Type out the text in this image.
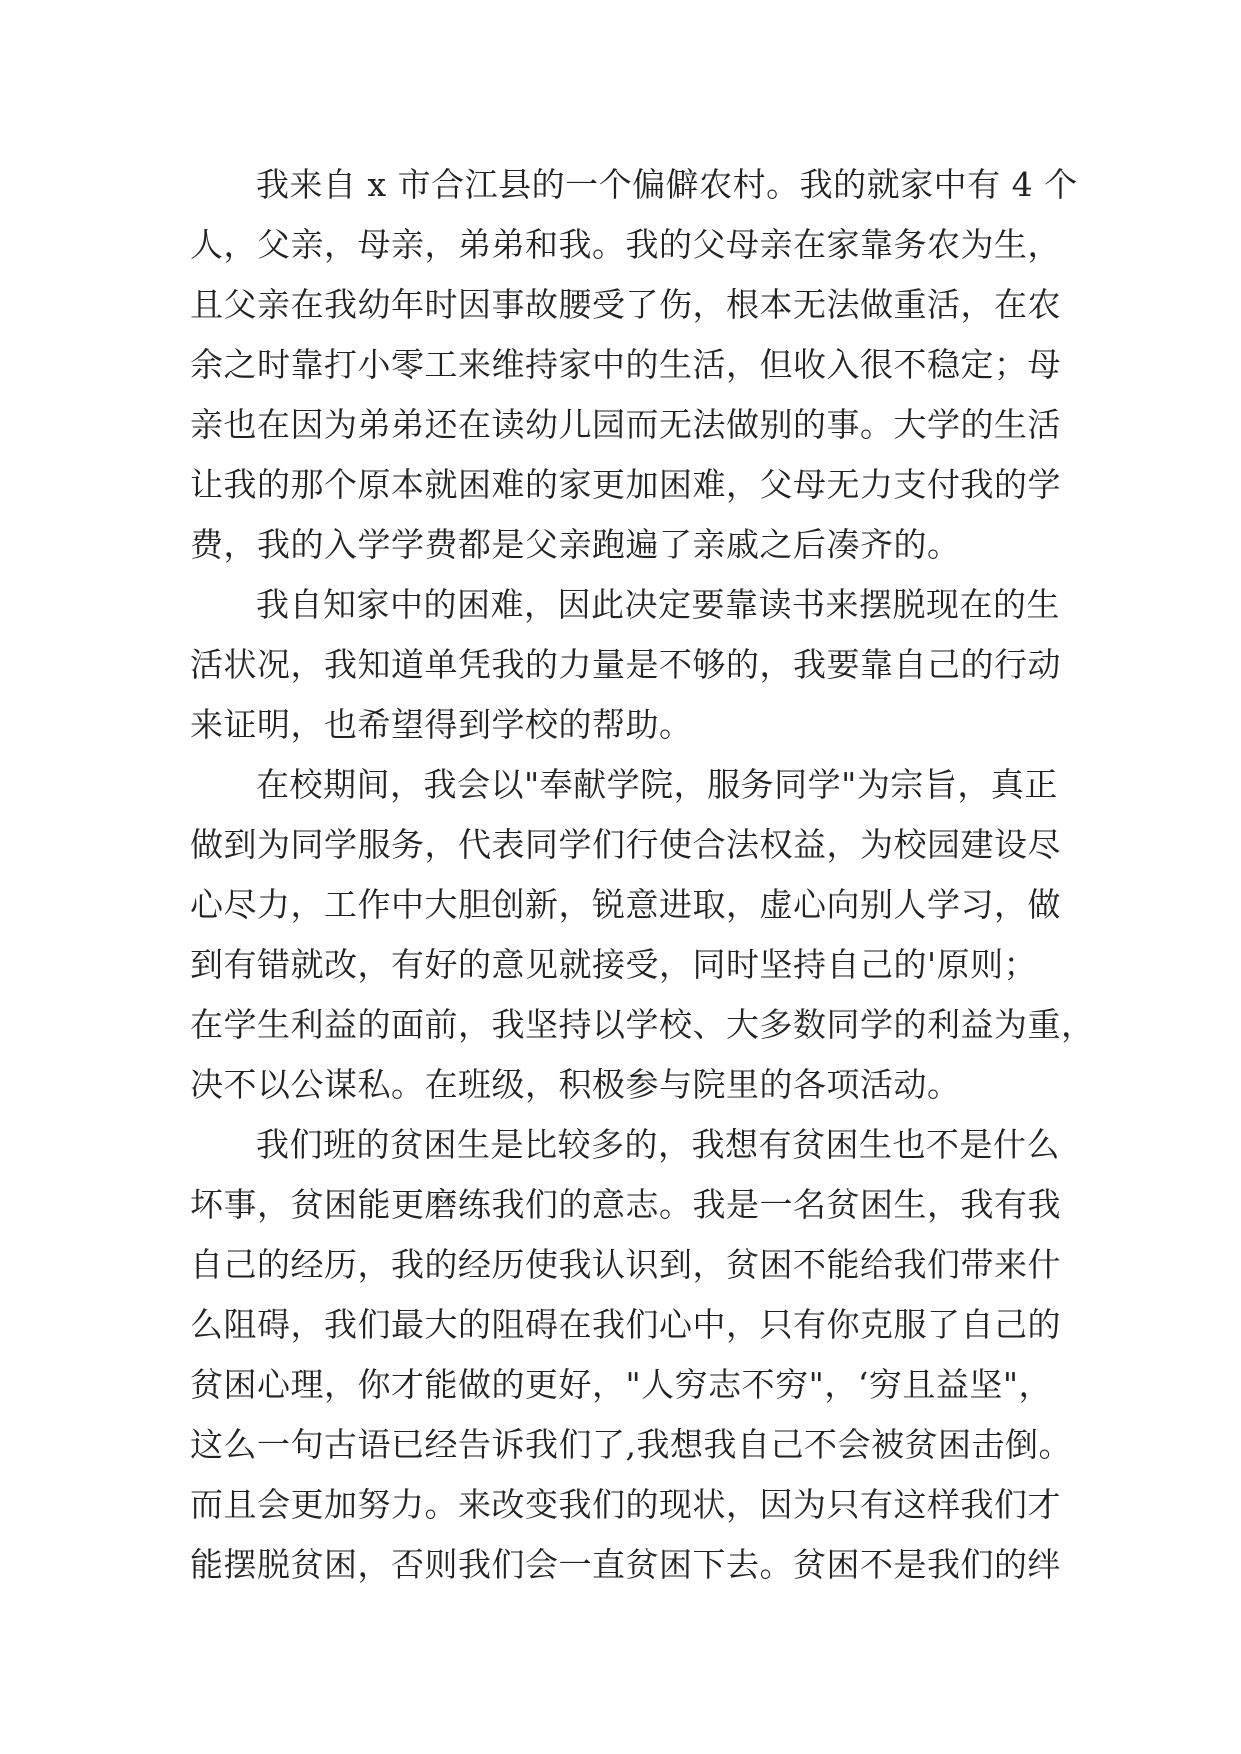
我来自 x 市合江县的一个偏僻农村。我的就家中有 4 个
人，父亲，母亲，弟弟和我。我的父母亲在家靠务农为生，
且父亲在我幼年时因事故腰受了伤，根本无法做重活，在农
余之时靠打小零工来维持家中的生活，但收入很不稳定；母
亲也在因为弟弟还在读幼儿园而无法做别的事。大学的生活
让我的那个原本就困难的家更加困难，父母无力支付我的学
费，我的入学学费都是父亲跑遍了亲戚之后凑齐的。
我自知家中的困难，因此决定要靠读书来摆脱现在的生
活状况，我知道单凭我的力量是不够的，我要靠自己的行动
来证明，也希望得到学校的帮助。
在校期间，我会以"奉献学院，服务同学"为宗旨，真正
做到为同学服务，代表同学们行使合法权益，为校园建设尽
心尽力，工作中大胆创新，锐意进取，虚心向别人学习，做
到有错就改，有好的意见就接受，同时坚持自己的'原则；
在学生利益的面前，我坚持以学校、大多数同学的利益为重，
决不以公谋私。在班级，积极参与院里的各项活动。
我们班的贫困生是比较多的，我想有贫困生也不是什么
坏事，贫困能更磨练我们的意志。我是一名贫困生，我有我
自己的经历，我的经历使我认识到，贫困不能给我们带来什
么阻碍，我们最大的阻碍在我们心中，只有你克服了自己的
贫困心理，你才能做的更好，"人穷志不穷"，‘穷且益坚"，
这么一句古语已经告诉我们了,我想我自己不会被贫困击倒。
而且会更加努力。来改变我们的现状，因为只有这样我们才
能摆脱贫困，否则我们会一直贫困下去。贫困不是我们的绊
